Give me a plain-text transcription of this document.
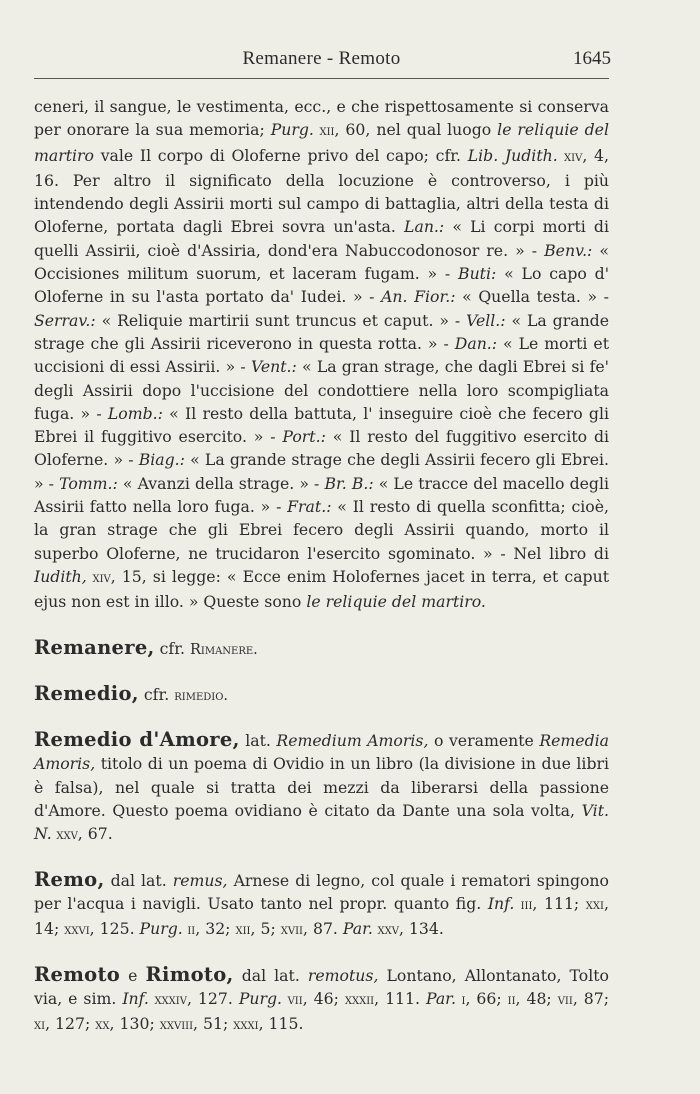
Remanere - Remoto	1645

ceneri, il sangue, le vestimenta, ecc., e che rispettosamente si conserva per onorare la sua memoria; Purg. xii, 60, nel qual luogo le reliquie del martiro vale Il corpo di Oloferne privo del capo; cfr. Lib. Judith. xiv, 4, 16. Per altro il significato della locuzione è controverso, i più intendendo degli Assirii morti sul campo di battaglia, altri della testa di Oloferne, portata dagli Ebrei sovra un'asta. Lan.: « Li corpi morti di quelli Assirii, cioè d'Assiria, dond'era Nabuccodonosor re. » - Benv.: « Occisiones militum suorum, et laceram fugam. » - Buti: « Lo capo d' Oloferne in su l'asta portato da' Iudei. » - An. Fior.: « Quella testa. » - Serrav.: « Reliquie martirii sunt truncus et caput. » - Vell.: « La grande strage che gli Assirii riceverono in questa rotta. » - Dan.: « Le morti et uccisioni di essi Assirii. » - Vent.: « La gran strage, che dagli Ebrei si fe' degli Assirii dopo l'uccisione del condottiere nella loro scompigliata fuga. » - Lomb.: « Il resto della battuta, l' inseguire cioè che fecero gli Ebrei il fuggitivo esercito. » - Port.: « Il resto del fuggitivo esercito di Oloferne. » - Biag.: « La grande strage che degli Assirii fecero gli Ebrei. » - Tomm.: « Avanzi della strage. » - Br. B.: « Le tracce del macello degli Assirii fatto nella loro fuga. » - Frat.: « Il resto di quella sconfitta; cioè, la gran strage che gli Ebrei fecero degli Assirii quando, morto il superbo Oloferne, ne trucidaron l'esercito sgominato. » - Nel libro di Iudith, xiv, 15, si legge: « Ecce enim Holofernes jacet in terra, et caput ejus non est in illo. » Queste sono le reliquie del martiro.

Remanere, cfr. Rimanere.

Remedio, cfr. rimedio.

Remedio d'Amore, lat. Remedium Amoris, o veramente Remedia Amoris, titolo di un poema di Ovidio in un libro (la divisione in due libri è falsa), nel quale si tratta dei mezzi da liberarsi della passione d'Amore. Questo poema ovidiano è citato da Dante una sola volta, Vit. N. xxv, 67.

Remo, dal lat. remus, Arnese di legno, col quale i rematori spingono per l'acqua i navigli. Usato tanto nel propr. quanto fig. Inf. iii, 111; xxi, 14; xxvi, 125. Purg. ii, 32; xii, 5; xvii, 87. Par. xxv, 134.

Remoto e Rimoto, dal lat. remotus, Lontano, Allontanato, Tolto via, e sim. Inf. xxxiv, 127. Purg. vii, 46; xxxii, 111. Par. i, 66; ii, 48; vii, 87; xi, 127; xx, 130; xxviii, 51; xxxi, 115.
